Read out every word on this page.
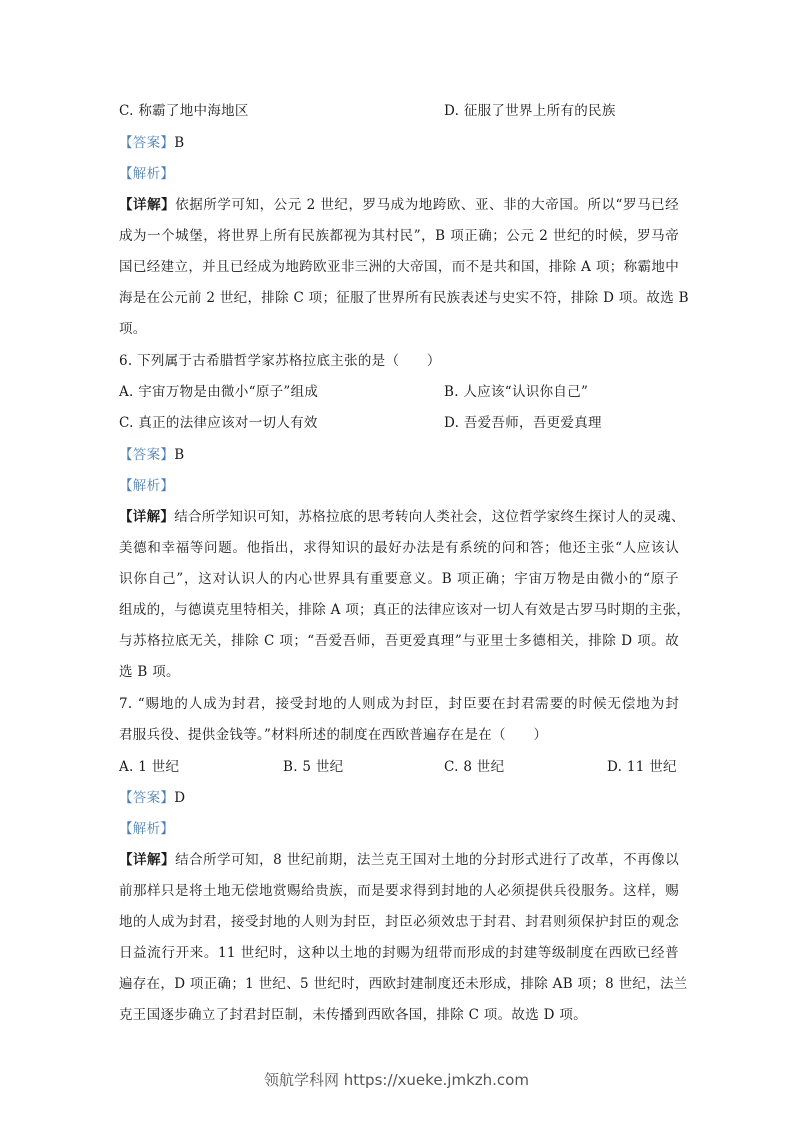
C. 称霸了地中海地区	D. 征服了世界上所有的民族
【答案】B
【解析】
【详解】依据所学可知，公元 2 世纪，罗马成为地跨欧、亚、非的大帝国。所以“罗马已经
成为一个城堡，将世界上所有民族都视为其村民”，B 项正确；公元 2 世纪的时候，罗马帝
国已经建立，并且已经成为地跨欧亚非三洲的大帝国，而不是共和国，排除 A 项；称霸地中
海是在公元前 2 世纪，排除 C 项；征服了世界所有民族表述与史实不符，排除 D 项。故选 B
项。
6. 下列属于古希腊哲学家苏格拉底主张的是（　　）
A. 宇宙万物是由微小“原子”组成	B. 人应该“认识你自己”
C. 真正的法律应该对一切人有效	D. 吾爱吾师，吾更爱真理
【答案】B
【解析】
【详解】结合所学知识可知，苏格拉底的思考转向人类社会，这位哲学家终生探讨人的灵魂、
美德和幸福等问题。他指出，求得知识的最好办法是有系统的问和答；他还主张“人应该认
识你自己”，这对认识人的内心世界具有重要意义。B 项正确；宇宙万物是由微小的“原子
组成的，与德谟克里特相关，排除 A 项；真正的法律应该对一切人有效是古罗马时期的主张，
与苏格拉底无关，排除 C 项；“吾爱吾师，吾更爱真理”与亚里士多德相关，排除 D 项。故
选 B 项。
7. “赐地的人成为封君，接受封地的人则成为封臣，封臣要在封君需要的时候无偿地为封
君服兵役、提供金钱等。”材料所述的制度在西欧普遍存在是在（　　）
A. 1 世纪	B. 5 世纪	C. 8 世纪	D. 11 世纪
【答案】D
【解析】
【详解】结合所学可知，8 世纪前期，法兰克王国对土地的分封形式进行了改革，不再像以
前那样只是将土地无偿地赏赐给贵族，而是要求得到封地的人必须提供兵役服务。这样，赐
地的人成为封君，接受封地的人则为封臣，封臣必须效忠于封君、封君则须保护封臣的观念
日益流行开来。11 世纪时，这种以土地的封赐为纽带而形成的封建等级制度在西欧已经普
遍存在，D 项正确；1 世纪、5 世纪时，西欧封建制度还未形成，排除 AB 项；8 世纪，法兰
克王国逐步确立了封君封臣制，未传播到西欧各国，排除 C 项。故选 D 项。
领航学科网 https://xueke.jmkzh.com
